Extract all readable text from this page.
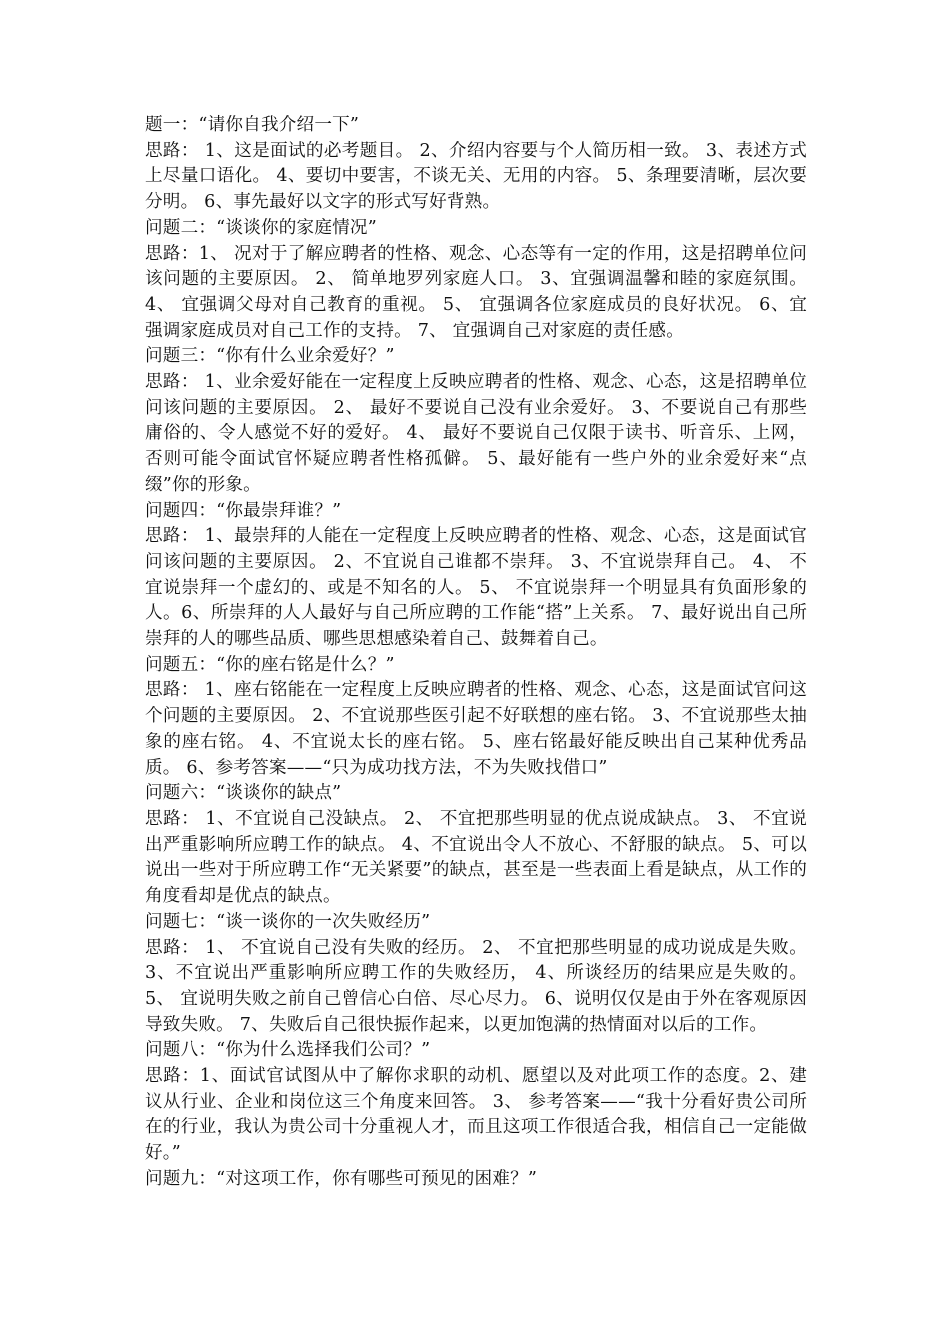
题一：“请你自我介绍一下”
思路： 1、这是面试的必考题目。 2、介绍内容要与个人简历相一致。 3、表述方式上尽量口语化。 4、要切中要害，不谈无关、无用的内容。 5、条理要清晰，层次要分明。 6、事先最好以文字的形式写好背熟。
问题二：“谈谈你的家庭情况”
思路：1、 况对于了解应聘者的性格、观念、心态等有一定的作用，这是招聘单位问该问题的主要原因。 2、 简单地罗列家庭人口。 3、宜强调温馨和睦的家庭氛围。 4、 宜强调父母对自己教育的重视。 5、 宜强调各位家庭成员的良好状况。 6、宜强调家庭成员对自己工作的支持。 7、 宜强调自己对家庭的责任感。
问题三：“你有什么业余爱好？”
思路： 1、业余爱好能在一定程度上反映应聘者的性格、观念、心态，这是招聘单位问该问题的主要原因。 2、 最好不要说自己没有业余爱好。 3、不要说自己有那些庸俗的、令人感觉不好的爱好。 4、 最好不要说自己仅限于读书、听音乐、上网，否则可能令面试官怀疑应聘者性格孤僻。 5、最好能有一些户外的业余爱好来“点缀”你的形象。
问题四：“你最崇拜谁？”
思路： 1、最崇拜的人能在一定程度上反映应聘者的性格、观念、心态，这是面试官问该问题的主要原因。 2、不宜说自己谁都不崇拜。 3、不宜说崇拜自己。 4、 不宜说崇拜一个虚幻的、或是不知名的人。 5、 不宜说崇拜一个明显具有负面形象的人。6、所崇拜的人人最好与自己所应聘的工作能“搭”上关系。 7、最好说出自己所崇拜的人的哪些品质、哪些思想感染着自己、鼓舞着自己。
问题五：“你的座右铭是什么？”
思路： 1、座右铭能在一定程度上反映应聘者的性格、观念、心态，这是面试官问这个问题的主要原因。 2、不宜说那些医引起不好联想的座右铭。 3、不宜说那些太抽象的座右铭。 4、不宜说太长的座右铭。 5、座右铭最好能反映出自己某种优秀品质。 6、参考答案——“只为成功找方法，不为失败找借口”
问题六：“谈谈你的缺点”
思路： 1、不宜说自己没缺点。 2、 不宜把那些明显的优点说成缺点。 3、 不宜说出严重影响所应聘工作的缺点。 4、不宜说出令人不放心、不舒服的缺点。 5、可以说出一些对于所应聘工作“无关紧要”的缺点，甚至是一些表面上看是缺点，从工作的角度看却是优点的缺点。
问题七：“谈一谈你的一次失败经历”
思路： 1、 不宜说自己没有失败的经历。 2、 不宜把那些明显的成功说成是失败。 3、不宜说出严重影响所应聘工作的失败经历， 4、所谈经历的结果应是失败的。 5、 宜说明失败之前自己曾信心白倍、尽心尽力。 6、说明仅仅是由于外在客观原因导致失败。 7、失败后自己很快振作起来，以更加饱满的热情面对以后的工作。
问题八：“你为什么选择我们公司？”
思路：1、面试官试图从中了解你求职的动机、愿望以及对此项工作的态度。2、建议从行业、企业和岗位这三个角度来回答。 3、 参考答案——“我十分看好贵公司所在的行业，我认为贵公司十分重视人才，而且这项工作很适合我，相信自己一定能做好。”
问题九：“对这项工作，你有哪些可预见的困难？”
